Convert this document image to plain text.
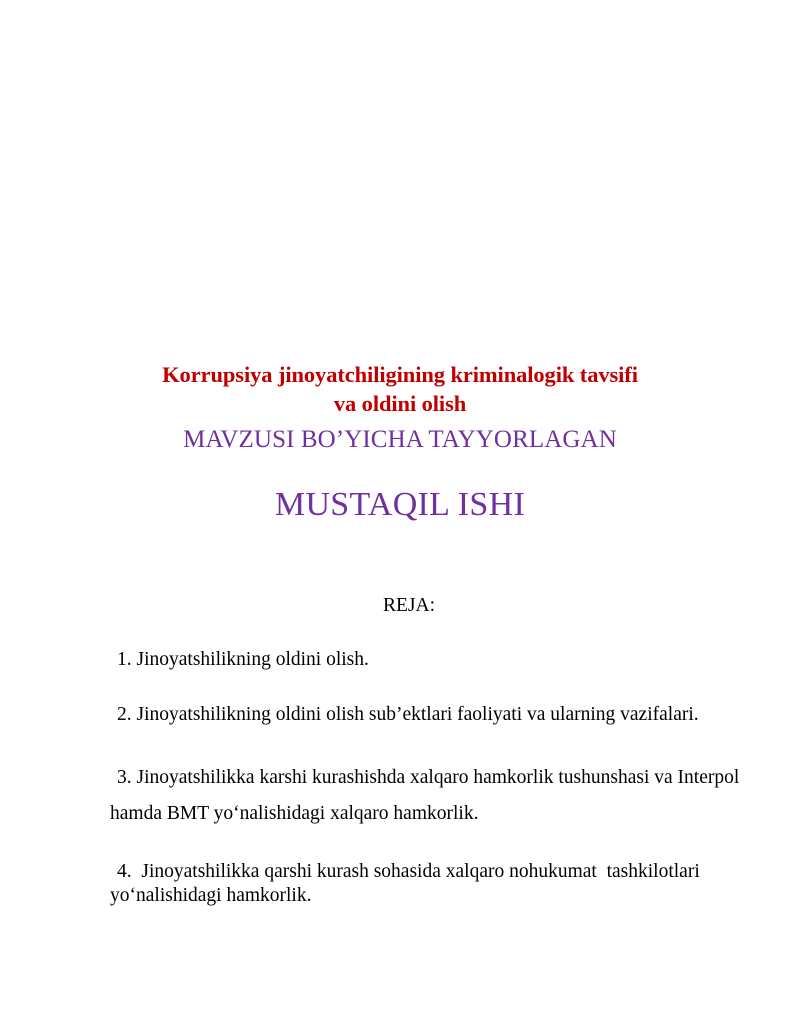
Korrupsiya jinoyatchiligining kriminalogik tavsifi
va oldini olish
MAVZUSI BO’YICHA TAYYORLAGAN
MUSTAQIL ISHI
REJA:
1. Jinoyatshilikning oldini olish.
2. Jinoyatshilikning oldini olish sub’ektlari faoliyati va ularning vazifalari.
3. Jinoyatshilikka karshi kurashishda xalqaro hamkorlik tushunshasi va Interpol hamda BMT yo‘nalishidagi xalqaro hamkorlik.
4.  Jinoyatshilikka qarshi kurash sohasida xalqaro nohukumat  tashkilotlari yo‘nalishidagi hamkorlik.
